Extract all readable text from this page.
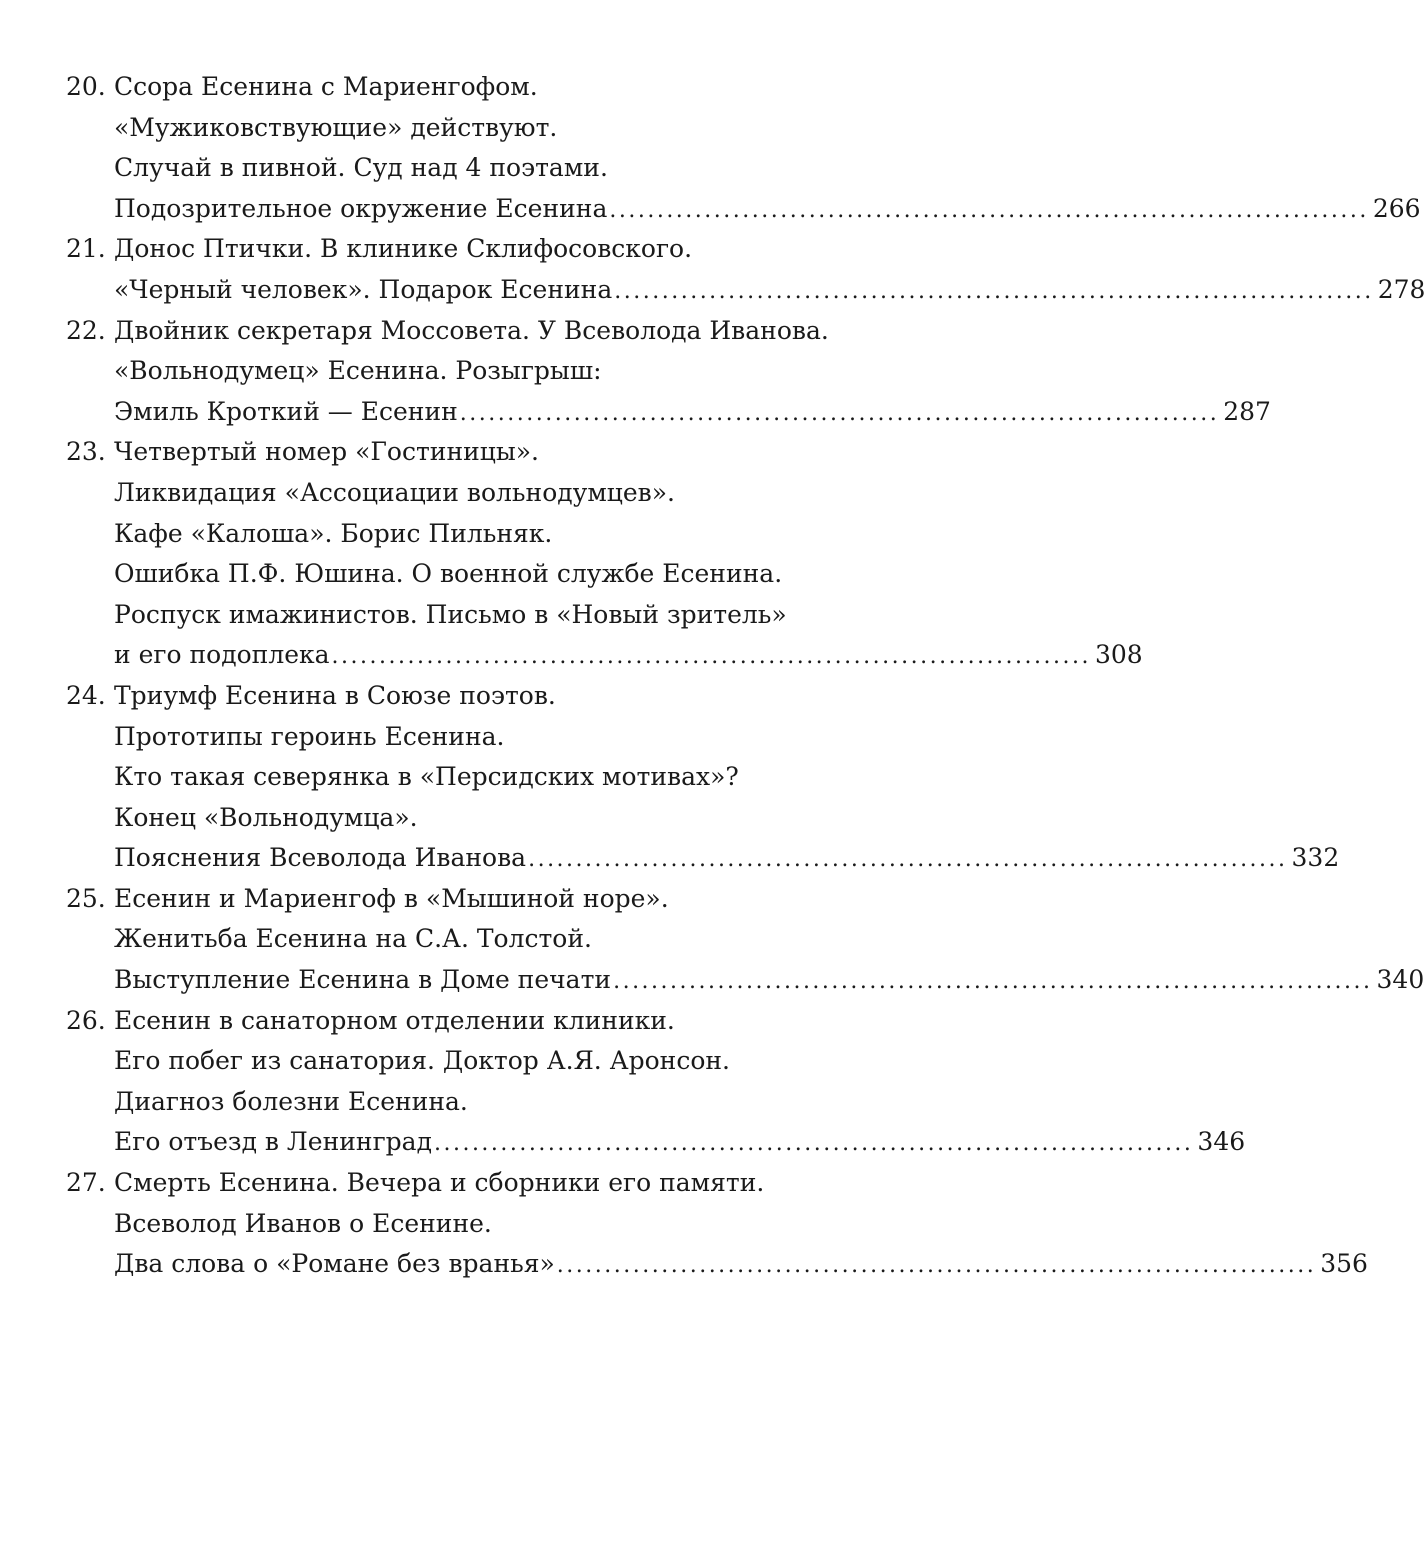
20. Ссора Есенина с Мариенгофом.
«Мужиковствующие» действуют.
Случай в пивной. Суд над 4 поэтами.
Подозрительное окружение Есенина ................................................................................ 266
21. Донос Птички. В клинике Склифосовского.
«Черный человек». Подарок Есенина ................................................................................ 278
22. Двойник секретаря Моссовета. У Всеволода Иванова.
«Вольнодумец» Есенина. Розыгрыш:
Эмиль Кроткий — Есенин ................................................................................ 287
23. Четвертый номер «Гостиницы».
Ликвидация «Ассоциации вольнодумцев».
Кафе «Калоша». Борис Пильняк.
Ошибка П.Ф. Юшина. О военной службе Есенина.
Роспуск имажинистов. Письмо в «Новый зритель»
и его подоплека ................................................................................ 308
24. Триумф Есенина в Союзе поэтов.
Прототипы героинь Есенина.
Кто такая северянка в «Персидских мотивах»?
Конец «Вольнодумца».
Пояснения Всеволода Иванова ................................................................................ 332
25. Есенин и Мариенгоф в «Мышиной норе».
Женитьба Есенина на С.А. Толстой.
Выступление Есенина в Доме печати ................................................................................ 340
26. Есенин в санаторном отделении клиники.
Его побег из санатория. Доктор А.Я. Аронсон.
Диагноз болезни Есенина.
Его отъезд в Ленинград ................................................................................ 346
27. Смерть Есенина. Вечера и сборники его памяти.
Всеволод Иванов о Есенине.
Два слова о «Романе без вранья» ................................................................................ 356
